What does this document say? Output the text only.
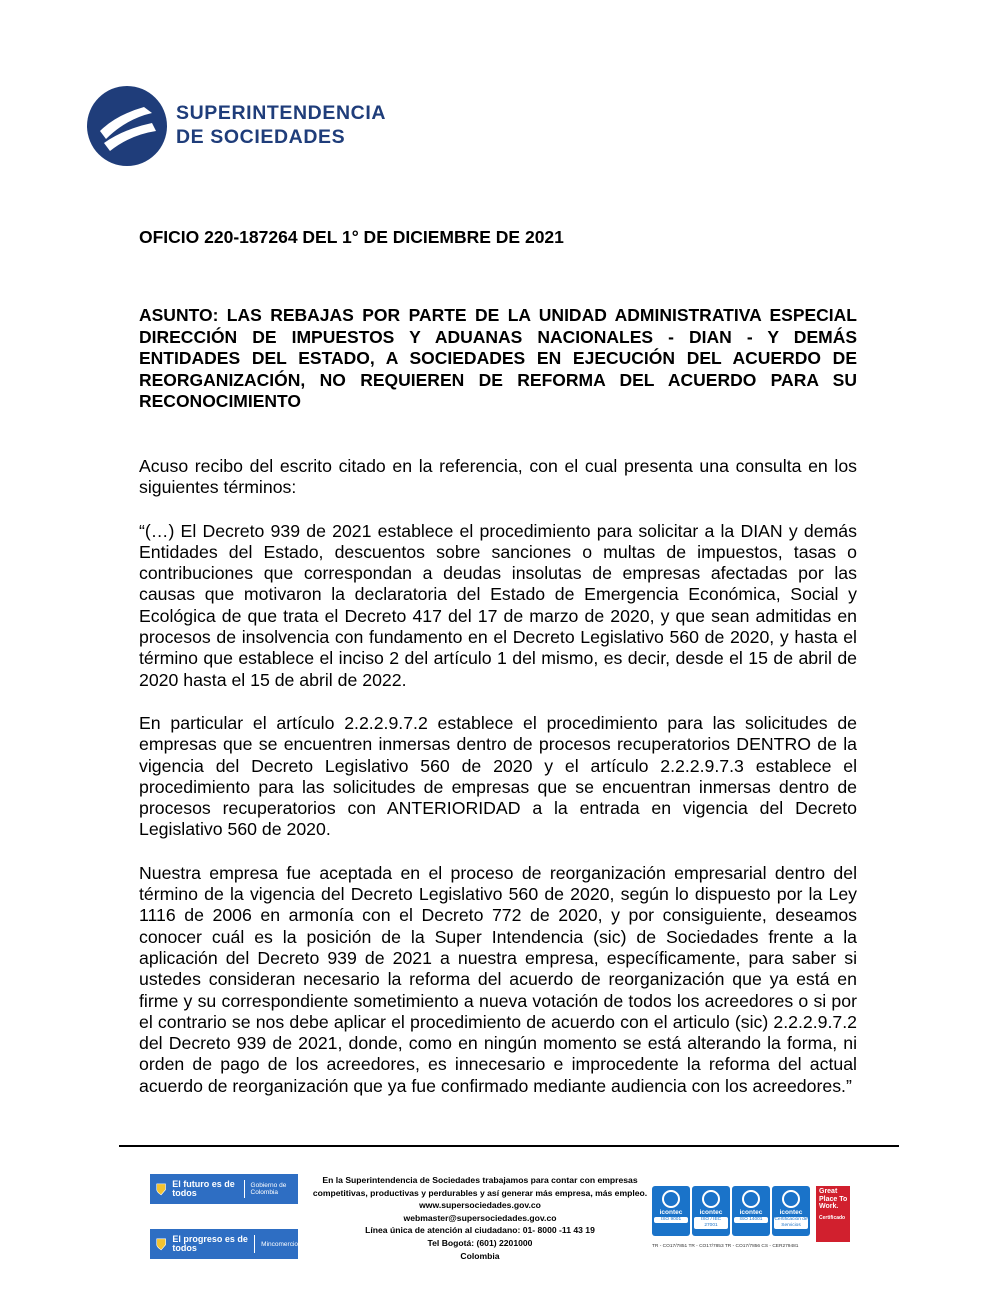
SUPERINTENDENCIA
DE SOCIEDADES
OFICIO 220-187264 DEL 1° DE DICIEMBRE DE 2021
ASUNTO: LAS REBAJAS POR PARTE DE LA UNIDAD ADMINISTRATIVA ESPECIAL DIRECCIÓN DE IMPUESTOS Y ADUANAS NACIONALES - DIAN - Y DEMÁS ENTIDADES DEL ESTADO, A SOCIEDADES EN EJECUCIÓN DEL ACUERDO DE REORGANIZACIÓN, NO REQUIEREN DE REFORMA DEL ACUERDO PARA SU RECONOCIMIENTO

Acuso recibo del escrito citado en la referencia, con el cual presenta una consulta en los siguientes términos:

“(…) El Decreto 939 de 2021 establece el procedimiento para solicitar a la DIAN y demás Entidades del Estado, descuentos sobre sanciones o multas de impuestos, tasas o contribuciones que correspondan a deudas insolutas de empresas afectadas por las causas que motivaron la declaratoria del Estado de Emergencia Económica, Social y Ecológica de que trata el Decreto 417 del 17 de marzo de 2020, y que sean admitidas en procesos de insolvencia con fundamento en el Decreto Legislativo 560 de 2020, y hasta el término que establece el inciso 2 del artículo 1 del mismo, es decir, desde el 15 de abril de 2020 hasta el 15 de abril de 2022.

En particular el artículo 2.2.2.9.7.2 establece el procedimiento para las solicitudes de empresas que se encuentren inmersas dentro de procesos recuperatorios DENTRO de la vigencia del Decreto Legislativo 560 de 2020 y el artículo 2.2.2.9.7.3 establece el procedimiento para las solicitudes de empresas que se encuentran inmersas dentro de procesos recuperatorios con ANTERIORIDAD a la entrada en vigencia del Decreto Legislativo 560 de 2020.

Nuestra empresa fue aceptada en el proceso de reorganización empresarial dentro del término de la vigencia del Decreto Legislativo 560 de 2020, según lo dispuesto por la Ley 1116 de 2006 en armonía con el Decreto 772 de 2020, y por consiguiente, deseamos conocer cuál es la posición de la Super Intendencia (sic) de Sociedades frente a la aplicación del Decreto 939 de 2021 a nuestra empresa, específicamente, para saber si ustedes consideran necesario la reforma del acuerdo de reorganización que ya está en firme y su correspondiente sometimiento a nueva votación de todos los acreedores o si por el contrario se nos debe aplicar el procedimiento de acuerdo con el articulo (sic) 2.2.2.9.7.2 del Decreto 939 de 2021, donde, como en ningún momento se está alterando la forma, ni orden de pago de los acreedores, es innecesario e improcedente la reforma del actual acuerdo de reorganización que ya fue confirmado mediante audiencia con los acreedores.”

El futuro es de todos
Gobierno de Colombia
El progreso es de todos	Mincomercio
En la Superintendencia de Sociedades trabajamos para contar con empresas
competitivas, productivas y perdurables y así generar más empresa, más empleo.
www.supersociedades.gov.co
webmaster@supersociedades.gov.co
Línea única de atención al ciudadano: 01- 8000 -11 43 19
Tel Bogotá: (601) 2201000
Colombia
icontec
ISO 9001
icontec
ISO / IEC 27001
icontec
ISO 14001
icontec
Certificación de Servicios
TR - CO17/7851 TR - CO17/7853 TR - CO17/7856 CS - CER279481
Great Place To Work.
Certificado
